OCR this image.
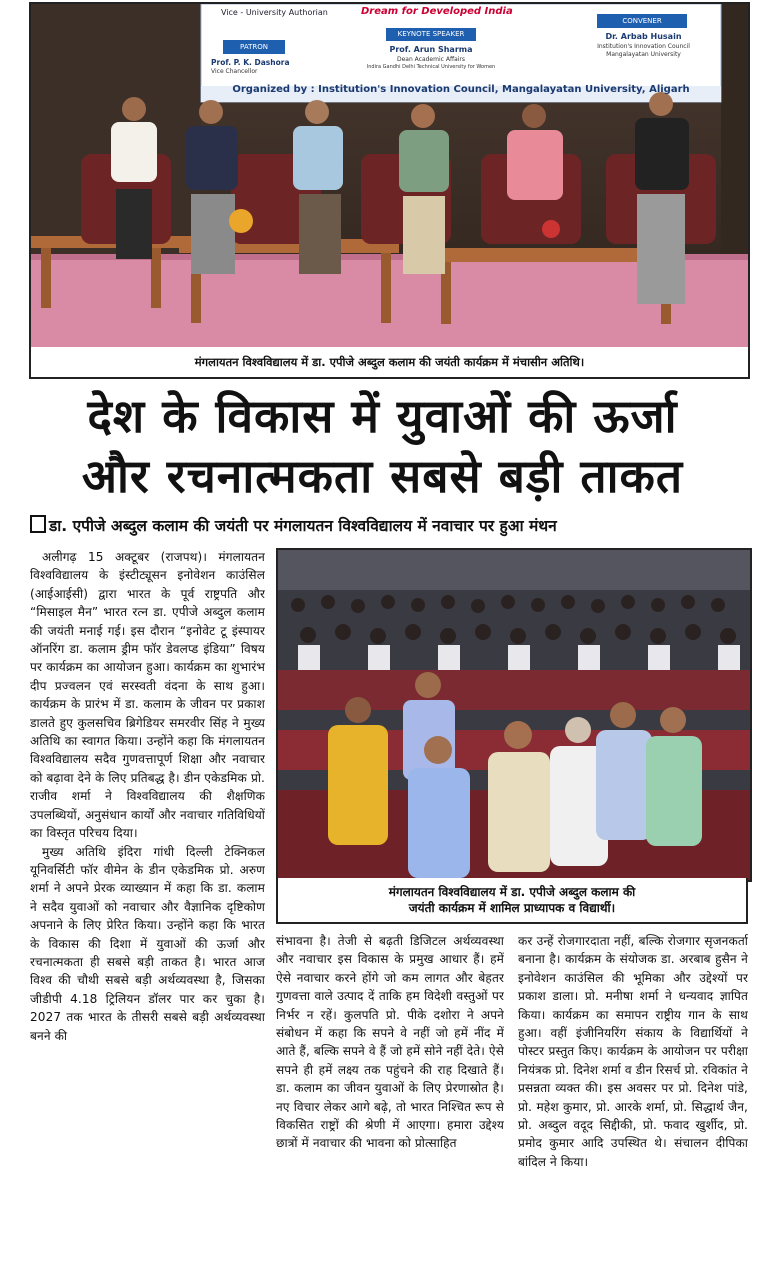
Vice - University Authorian	Dream for Developed India
PATRON
Prof. P. K. Dashora
Vice Chancellor
KEYNOTE SPEAKER
Prof. Arun Sharma
Dean Academic Affairs
Indira Gandhi Delhi Technical University for Women
CONVENER
Dr. Arbab Husain
Institution's Innovation Council
Mangalayatan University
Organized by : Institution's Innovation Council, Mangalayatan University, Aligarh
मंगलायतन विश्वविद्यालय में डा. एपीजे अब्दुल कलाम की जयंती कार्यक्रम में मंचासीन अतिथि।
देश के विकास में युवाओं की ऊर्जा
और रचनात्मकता सबसे बड़ी ताकत
डा. एपीजे अब्दुल कलाम की जयंती पर मंगलायतन विश्वविद्यालय में नवाचार पर हुआ मंथन

अलीगढ़ 15 अक्टूबर (राजपथ)। मंगलायतन विश्वविद्यालय के इंस्टीट्यूसन इनोवेशन काउंसिल (आईआईसी) द्वारा भारत के पूर्व राष्ट्रपति और “मिसाइल मैन” भारत रत्न डा. एपीजे अब्दुल कलाम की जयंती मनाई गई। इस दौरान “इनोवेट टू इंस्पायर ऑनरिंग डा. कलाम ड्रीम फॉर डेवलप्ड इंडिया” विषय पर कार्यक्रम का आयोजन हुआ। कार्यक्रम का शुभारंभ दीप प्रज्वलन एवं सरस्वती वंदना के साथ हुआ। कार्यक्रम के प्रारंभ में डा. कलाम के जीवन पर प्रकाश डालते हुए कुलसचिव ब्रिगेडियर समरवीर सिंह ने मुख्य अतिथि का स्वागत किया। उन्होंने कहा कि मंगलायतन विश्वविद्यालय सदैव गुणवत्तापूर्ण शिक्षा और नवाचार को बढ़ावा देने के लिए प्रतिबद्ध है। डीन एकेडमिक प्रो. राजीव शर्मा ने विश्वविद्यालय की शैक्षणिक उपलब्धियों, अनुसंधान कार्यों और नवाचार गतिविधियों का विस्तृत परिचय दिया।

मुख्य अतिथि इंदिरा गांधी दिल्ली टेक्निकल यूनिवर्सिटी फॉर वीमेन के डीन एकेडमिक प्रो. अरुण शर्मा ने अपने प्रेरक व्याख्यान में कहा कि डा. कलाम ने सदैव युवाओं को नवाचार और वैज्ञानिक दृष्टिकोण अपनाने के लिए प्रेरित किया। उन्होंने कहा कि भारत के विकास की दिशा में युवाओं की ऊर्जा और रचनात्मकता ही सबसे बड़ी ताकत है। भारत आज विश्व की चौथी सबसे बड़ी अर्थव्यवस्था है, जिसका जीडीपी 4.18 ट्रिलियन डॉलर पार कर चुका है। 2027 तक भारत के तीसरी सबसे बड़ी अर्थव्यवस्था बनने की

मंगलायतन विश्वविद्यालय में डा. एपीजे अब्दुल कलाम की
जयंती कार्यक्रम में शामिल प्राध्यापक व विद्यार्थी।

संभावना है। तेजी से बढ़ती डिजिटल अर्थव्यवस्था और नवाचार इस विकास के प्रमुख आधार हैं। हमें ऐसे नवाचार करने होंगे जो कम लागत और बेहतर गुणवत्ता वाले उत्पाद दें ताकि हम विदेशी वस्तुओं पर निर्भर न रहें। कुलपति प्रो. पीके दशोरा ने अपने संबोधन में कहा कि सपने वे नहीं जो हमें नींद में आते हैं, बल्कि सपने वे हैं जो हमें सोने नहीं देते। ऐसे सपने ही हमें लक्ष्य तक पहुंचने की राह दिखाते हैं। डा. कलाम का जीवन युवाओं के लिए प्रेरणास्रोत है। नए विचार लेकर आगे बढ़े, तो भारत निश्चित रूप से विकसित राष्ट्रों की श्रेणी में आएगा। हमारा उद्देश्य छात्रों में नवाचार की भावना को प्रोत्साहित

कर उन्हें रोजगारदाता नहीं, बल्कि रोजगार सृजनकर्ता बनाना है। कार्यक्रम के संयोजक डा. अरबाब हुसैन ने इनोवेशन काउंसिल की भूमिका और उद्देश्यों पर प्रकाश डाला। प्रो. मनीषा शर्मा ने धन्यवाद ज्ञापित किया। कार्यक्रम का समापन राष्ट्रीय गान के साथ हुआ। वहीं इंजीनियरिंग संकाय के विद्यार्थियों ने पोस्टर प्रस्तुत किए। कार्यक्रम के आयोजन पर परीक्षा नियंत्रक प्रो. दिनेश शर्मा व डीन रिसर्च प्रो. रविकांत ने प्रसन्नता व्यक्त की। इस अवसर पर प्रो. दिनेश पांडे, प्रो. महेश कुमार, प्रो. आरके शर्मा, प्रो. सिद्धार्थ जैन, प्रो. अब्दुल वदूद सिद्दीकी, प्रो. फवाद खुर्शीद, प्रो. प्रमोद कुमार आदि उपस्थित थे। संचालन दीपिका बांदिल ने किया।
